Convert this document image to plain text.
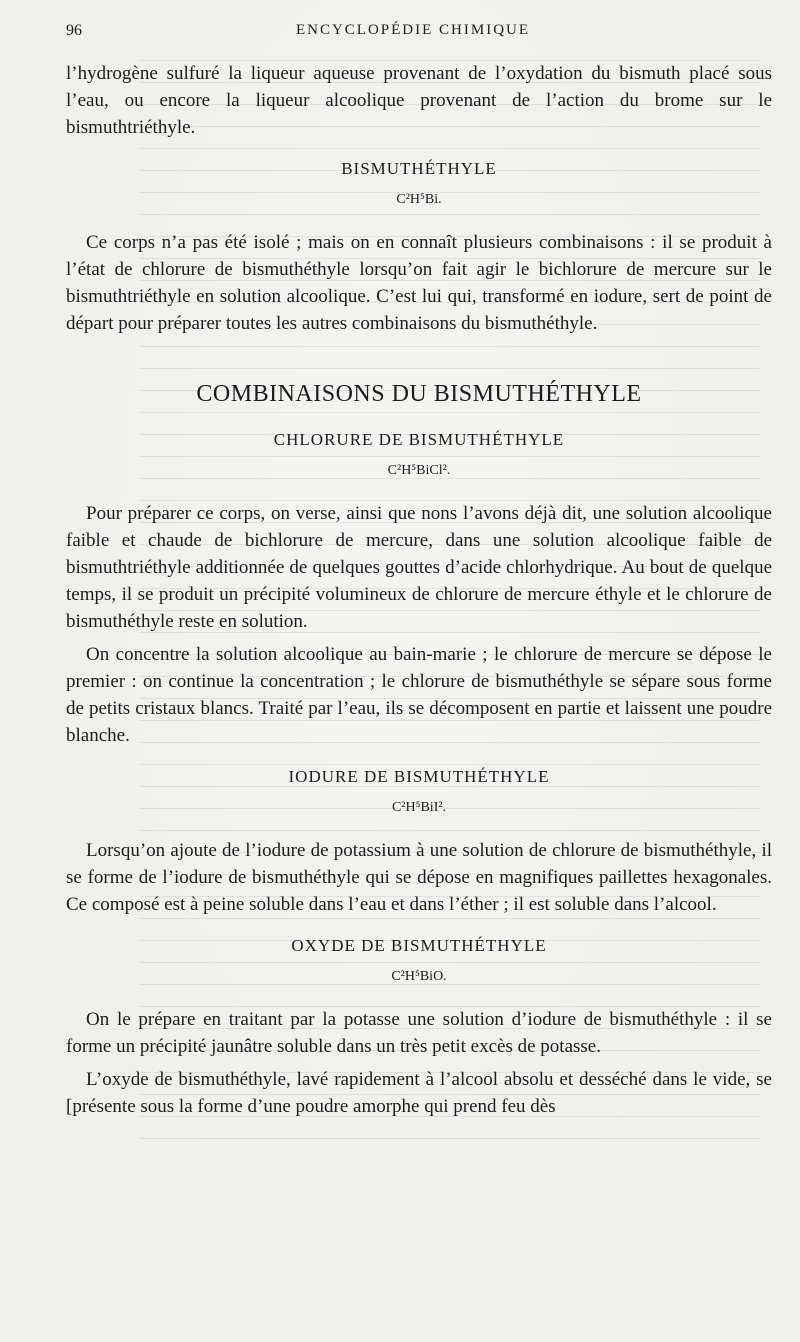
96	ENCYCLOPÉDIE CHIMIQUE

l’hydrogène sulfuré la liqueur aqueuse provenant de l’oxydation du bismuth placé sous l’eau, ou encore la liqueur alcoolique provenant de l’action du brome sur le bismuthtriéthyle.

BISMUTHÉTHYLE
C²H⁵Bi.

Ce corps n’a pas été isolé ; mais on en connaît plusieurs combinaisons : il se produit à l’état de chlorure de bismuthéthyle lorsqu’on fait agir le bichlorure de mercure sur le bismuthtriéthyle en solution alcoolique. C’est lui qui, transformé en iodure, sert de point de départ pour préparer toutes les autres combinaisons du bismuthéthyle.

COMBINAISONS DU BISMUTHÉTHYLE
CHLORURE DE BISMUTHÉTHYLE
C²H⁵BiCl².

Pour préparer ce corps, on verse, ainsi que nons l’avons déjà dit, une solution alcoolique faible et chaude de bichlorure de mercure, dans une solution alcoolique faible de bismuthtriéthyle additionnée de quelques gouttes d’acide chlorhydrique. Au bout de quelque temps, il se produit un précipité volumineux de chlorure de mercure éthyle et le chlorure de bismuthéthyle reste en solution.

On concentre la solution alcoolique au bain-marie ; le chlorure de mercure se dépose le premier : on continue la concentration ; le chlorure de bismuthéthyle se sépare sous forme de petits cristaux blancs. Traité par l’eau, ils se décomposent en partie et laissent une poudre blanche.

IODURE DE BISMUTHÉTHYLE
C²H⁵BiI².

Lorsqu’on ajoute de l’iodure de potassium à une solution de chlorure de bismuthéthyle, il se forme de l’iodure de bismuthéthyle qui se dépose en magnifiques paillettes hexagonales. Ce composé est à peine soluble dans l’eau et dans l’éther ; il est soluble dans l’alcool.

OXYDE DE BISMUTHÉTHYLE
C²H⁵BiO.

On le prépare en traitant par la potasse une solution d’iodure de bismuthéthyle : il se forme un précipité jaunâtre soluble dans un très petit excès de potasse.

L’oxyde de bismuthéthyle, lavé rapidement à l’alcool absolu et desséché dans le vide, se [présente sous la forme d’une poudre amorphe qui prend feu dès
